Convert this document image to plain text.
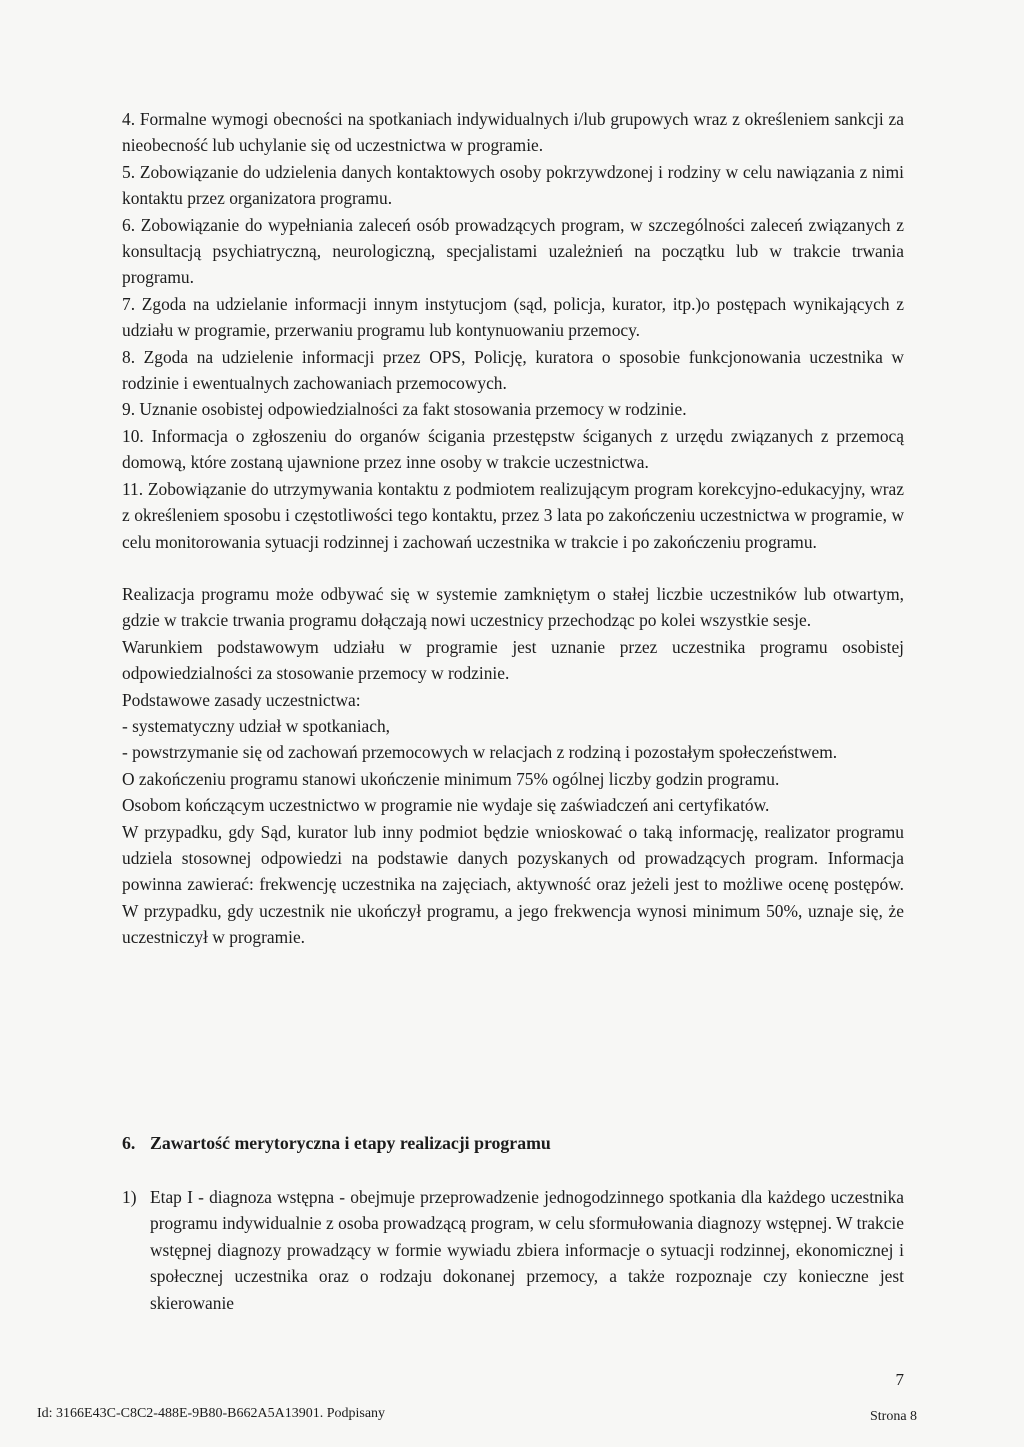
4. Formalne wymogi obecności na spotkaniach indywidualnych i/lub grupowych wraz z określeniem sankcji za nieobecność lub uchylanie się od uczestnictwa w programie.

5. Zobowiązanie do udzielenia danych kontaktowych osoby pokrzywdzonej i rodziny w celu nawiązania z nimi kontaktu przez organizatora programu.

6. Zobowiązanie do wypełniania zaleceń osób prowadzących program, w szczególności zaleceń związanych z konsultacją psychiatryczną, neurologiczną, specjalistami uzależnień na początku lub w trakcie trwania programu.

7. Zgoda na udzielanie informacji innym instytucjom (sąd, policja, kurator, itp.)o postępach wynikających z udziału w programie, przerwaniu programu lub kontynuowaniu przemocy.

8. Zgoda na udzielenie informacji przez OPS, Policję, kuratora o sposobie funkcjonowania uczestnika w rodzinie i ewentualnych zachowaniach przemocowych.

9. Uznanie osobistej odpowiedzialności za fakt stosowania przemocy w rodzinie.

10. Informacja o zgłoszeniu do organów ścigania przestępstw ściganych z urzędu związanych z przemocą domową, które zostaną ujawnione przez inne osoby w trakcie uczestnictwa.

11. Zobowiązanie do utrzymywania kontaktu z podmiotem realizującym program korekcyjno-edukacyjny, wraz z określeniem sposobu i częstotliwości tego kontaktu, przez 3 lata po zakończeniu uczestnictwa w programie, w celu monitorowania sytuacji rodzinnej i zachowań uczestnika w trakcie i po zakończeniu programu.

Realizacja programu może odbywać się w systemie zamkniętym o stałej liczbie uczestników lub otwartym, gdzie w trakcie trwania programu dołączają nowi uczestnicy przechodząc po kolei wszystkie sesje.

Warunkiem podstawowym udziału w programie jest uznanie przez uczestnika programu osobistej odpowiedzialności za stosowanie przemocy w rodzinie.

Podstawowe zasady uczestnictwa:

- systematyczny udział w spotkaniach,

- powstrzymanie się od zachowań przemocowych w relacjach z rodziną i pozostałym społeczeństwem.

O zakończeniu programu stanowi ukończenie minimum 75% ogólnej liczby godzin programu.

Osobom kończącym uczestnictwo w programie nie wydaje się zaświadczeń ani certyfikatów.

W przypadku, gdy Sąd, kurator lub inny podmiot będzie wnioskować o taką informację, realizator programu udziela stosownej odpowiedzi na podstawie danych pozyskanych od prowadzących program. Informacja powinna zawierać: frekwencję uczestnika na zajęciach, aktywność oraz jeżeli jest to możliwe ocenę postępów. W przypadku, gdy uczestnik nie ukończył programu, a jego frekwencja wynosi minimum 50%, uznaje się, że uczestniczył w programie.

6. Zawartość merytoryczna i etapy realizacji programu
1) Etap I - diagnoza wstępna - obejmuje przeprowadzenie jednogodzinnego spotkania dla każdego uczestnika programu indywidualnie z osoba prowadzącą program, w celu sformułowania diagnozy wstępnej. W trakcie wstępnej diagnozy prowadzący w formie wywiadu zbiera informacje o sytuacji rodzinnej, ekonomicznej i społecznej uczestnika oraz o rodzaju dokonanej przemocy, a także rozpoznaje czy konieczne jest skierowanie
7
Id: 3166E43C-C8C2-488E-9B80-B662A5A13901. Podpisany	Strona 8
